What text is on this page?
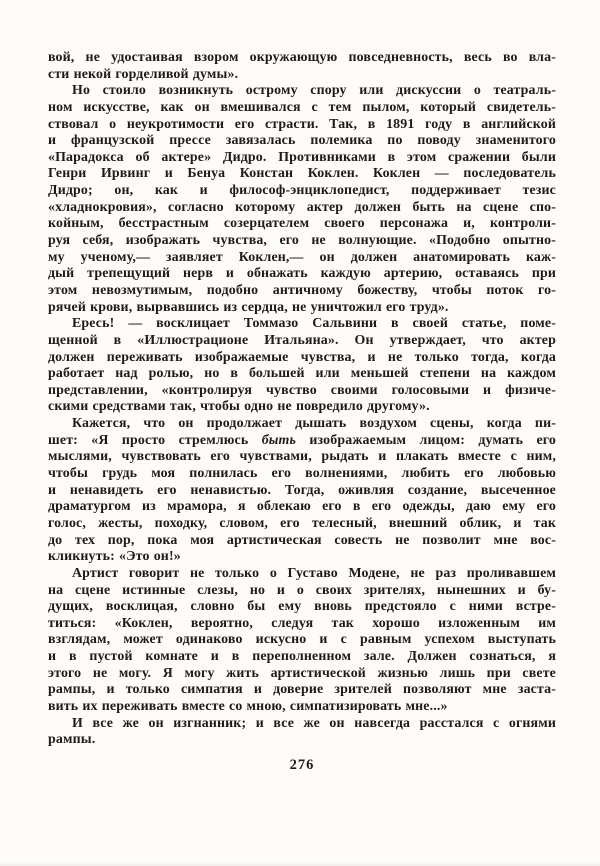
вой, не удостаивая взором окружающую повседневность, весь во вла-
сти некой горделивой думы».
Но стоило возникнуть острому спору или дискуссии о театраль-
ном искусстве, как он вмешивался с тем пылом, который свидетель-
ствовал о неукротимости его страсти. Так, в 1891 году в английской
и французской прессе завязалась полемика по поводу знаменитого
«Парадокса об актере» Дидро. Противниками в этом сражении были
Генри Ирвинг и Бенуа Констан Коклен. Коклен — последователь
Дидро; он, как и философ-энциклопедист, поддерживает тезис
«хладнокровия», согласно которому актер должен быть на сцене спо-
койным, бесстрастным созерцателем своего персонажа и, контроли-
руя себя, изображать чувства, его не волнующие. «Подобно опытно-
му ученому,— заявляет Коклен,— он должен анатомировать каж-
дый трепещущий нерв и обнажать каждую артерию, оставаясь при
этом невозмутимым, подобно античному божеству, чтобы поток го-
рячей крови, вырвавшись из сердца, не уничтожил его труд».
Ересь! — восклицает Томмазо Сальвини в своей статье, поме-
щенной в «Иллюстрационе Итальяна». Он утверждает, что актер
должен переживать изображаемые чувства, и не только тогда, когда
работает над ролью, но в большей или меньшей степени на каждом
представлении, «контролируя чувство своими голосовыми и физиче-
скими средствами так, чтобы одно не повредило другому».
Кажется, что он продолжает дышать воздухом сцены, когда пи-
шет: «Я просто стремлюсь быть изображаемым лицом: думать его
мыслями, чувствовать его чувствами, рыдать и плакать вместе с ним,
чтобы грудь моя полнилась его волнениями, любить его любовью
и ненавидеть его ненавистью. Тогда, оживляя создание, высеченное
драматургом из мрамора, я облекаю его в его одежды, даю ему его
голос, жесты, походку, словом, его телесный, внешний облик, и так
до тех пор, пока моя артистическая совесть не позволит мне вос-
кликнуть: «Это он!»
Артист говорит не только о Густаво Модене, не раз проливавшем
на сцене истинные слезы, но и о своих зрителях, нынешних и бу-
дущих, восклицая, словно бы ему вновь предстояло с ними встре-
титься: «Коклен, вероятно, следуя так хорошо изложенным им
взглядам, может одинаково искусно и с равным успехом выступать
и в пустой комнате и в переполненном зале. Должен сознаться, я
этого не могу. Я могу жить артистической жизнью лишь при свете
рампы, и только симпатия и доверие зрителей позволяют мне заста-
вить их переживать вместе со мною, симпатизировать мне...»
И все же он изгнанник; и все же он навсегда расстался с огнями
рампы.
276
